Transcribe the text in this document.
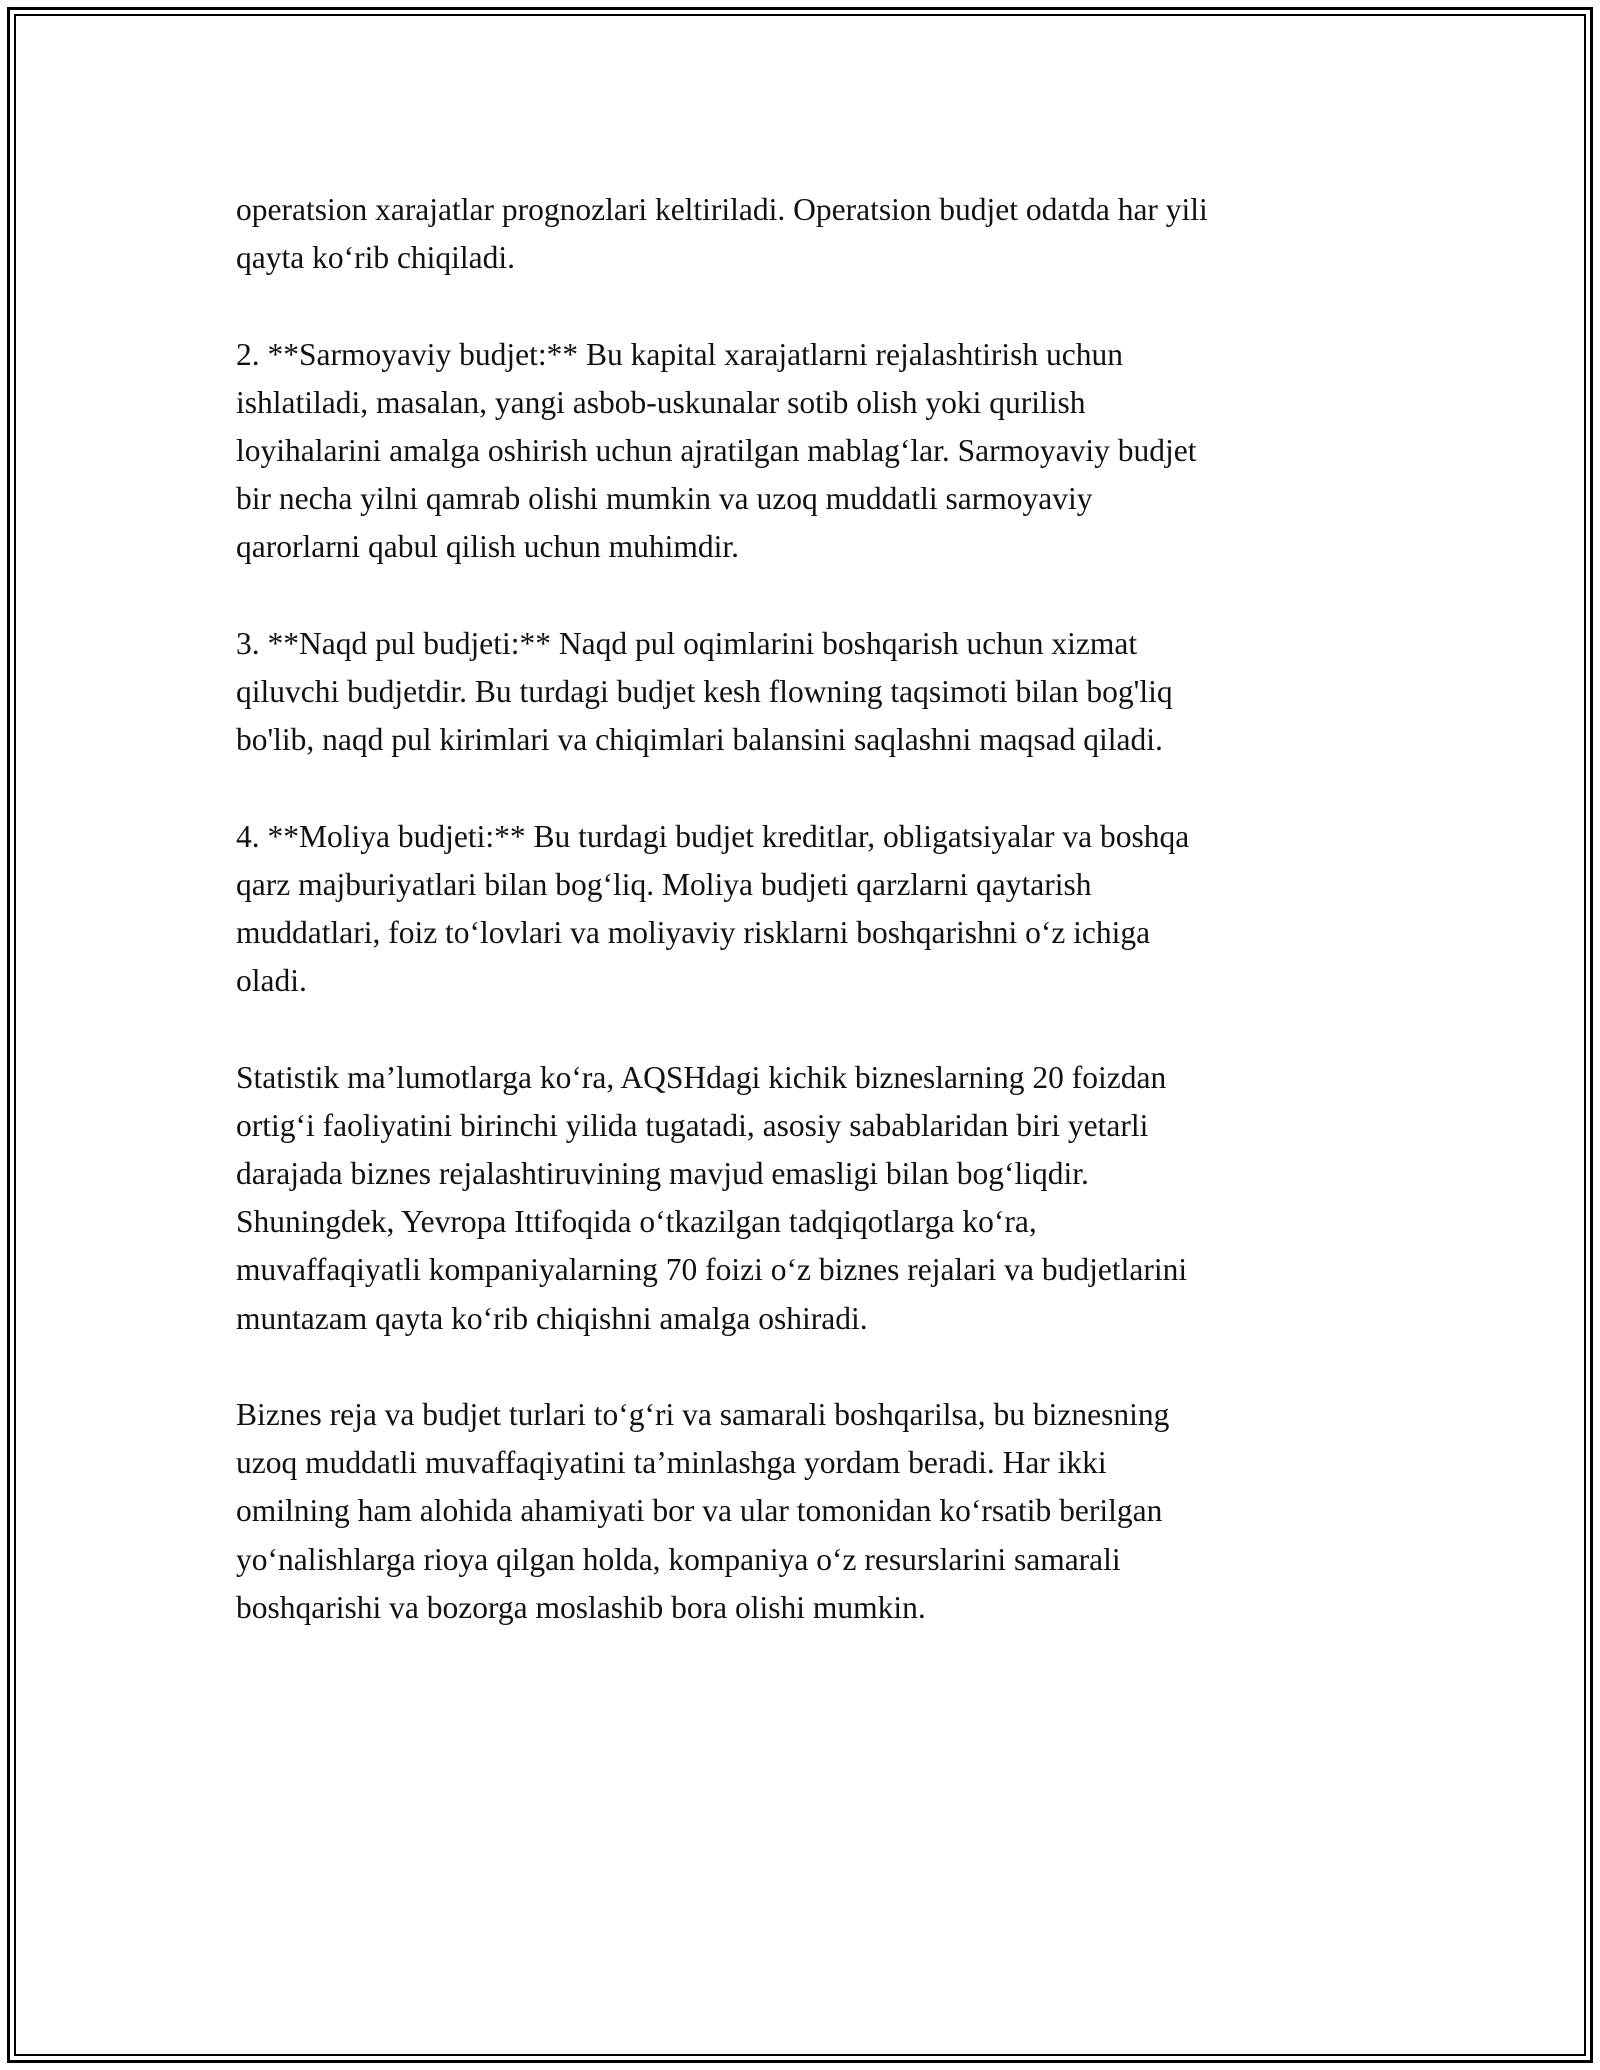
operatsion xarajatlar prognozlari keltiriladi. Operatsion budjet odatda har yili
qayta ko‘rib chiqiladi.

2. **Sarmoyaviy budjet:** Bu kapital xarajatlarni rejalashtirish uchun
ishlatiladi, masalan, yangi asbob-uskunalar sotib olish yoki qurilish
loyihalarini amalga oshirish uchun ajratilgan mablag‘lar. Sarmoyaviy budjet
bir necha yilni qamrab olishi mumkin va uzoq muddatli sarmoyaviy
qarorlarni qabul qilish uchun muhimdir.

3. **Naqd pul budjeti:** Naqd pul oqimlarini boshqarish uchun xizmat
qiluvchi budjetdir. Bu turdagi budjet kesh flowning taqsimoti bilan bog'liq
bo'lib, naqd pul kirimlari va chiqimlari balansini saqlashni maqsad qiladi.

4. **Moliya budjeti:** Bu turdagi budjet kreditlar, obligatsiyalar va boshqa
qarz majburiyatlari bilan bog‘liq. Moliya budjeti qarzlarni qaytarish
muddatlari, foiz to‘lovlari va moliyaviy risklarni boshqarishni o‘z ichiga
oladi.

Statistik ma’lumotlarga ko‘ra, AQSHdagi kichik bizneslarning 20 foizdan
ortig‘i faoliyatini birinchi yilida tugatadi, asosiy sabablaridan biri yetarli
darajada biznes rejalashtiruvining mavjud emasligi bilan bog‘liqdir.
Shuningdek, Yevropa Ittifoqida o‘tkazilgan tadqiqotlarga ko‘ra,
muvaffaqiyatli kompaniyalarning 70 foizi o‘z biznes rejalari va budjetlarini
muntazam qayta ko‘rib chiqishni amalga oshiradi.

Biznes reja va budjet turlari to‘g‘ri va samarali boshqarilsa, bu biznesning
uzoq muddatli muvaffaqiyatini ta’minlashga yordam beradi. Har ikki
omilning ham alohida ahamiyati bor va ular tomonidan ko‘rsatib berilgan
yo‘nalishlarga rioya qilgan holda, kompaniya o‘z resurslarini samarali
boshqarishi va bozorga moslashib bora olishi mumkin.
